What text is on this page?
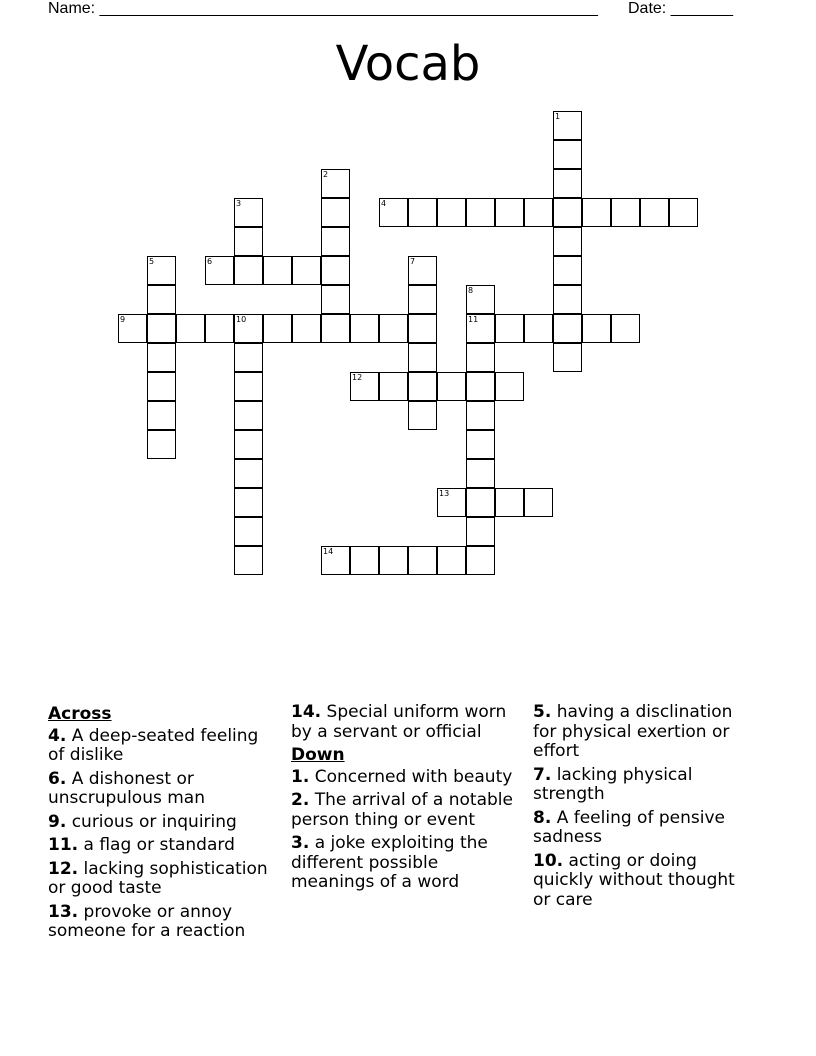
Name: ________________________________________________________ Date: _______
Vocab
1
2
3	4
5	6	7
8
11
9	10
12
13
14
Across
4. A deep-seated feeling of dislike
6. A dishonest or unscrupulous man
9. curious or inquiring
11. a flag or standard
12. lacking sophistication or good taste
13. provoke or annoy someone for a reaction
14. Special uniform worn by a servant or official
Down
1. Concerned with beauty
2. The arrival of a notable person thing or event
3. a joke exploiting the different possible meanings of a word
5. having a disclination for physical exertion or effort
7. lacking physical strength
8. A feeling of pensive sadness
10. acting or doing quickly without thought or care
